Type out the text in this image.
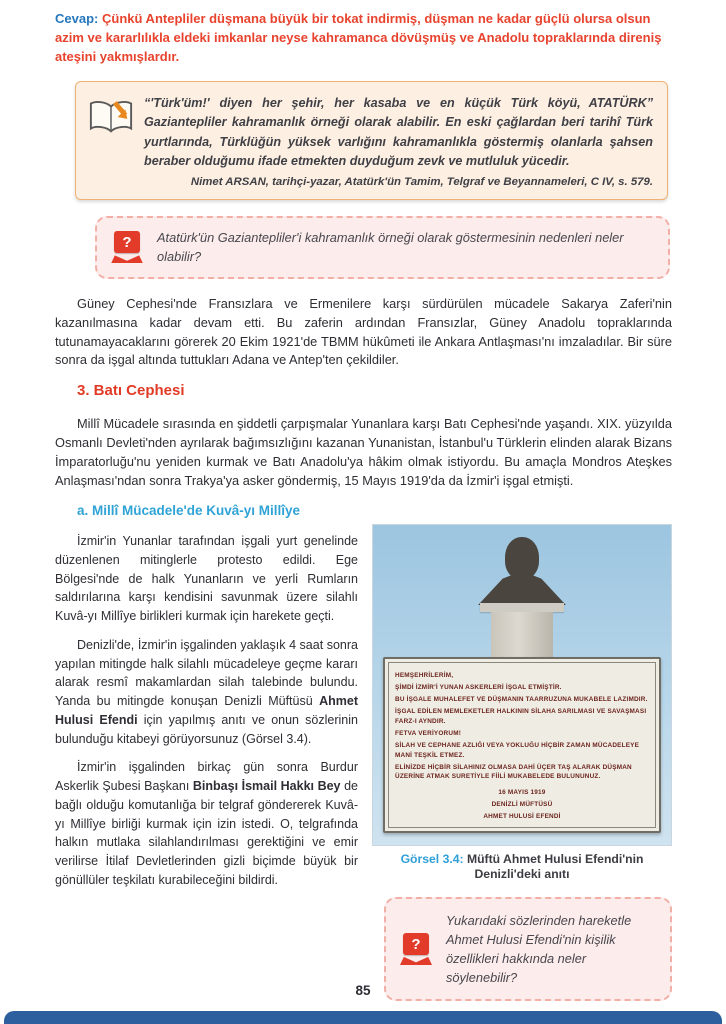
Cevap: Çünkü Antepliler düşmana büyük bir tokat indirmiş, düşman ne kadar güçlü olursa olsun azim ve kararlılıkla eldeki imkanlar neyse kahramanca dövüşmüş ve Anadolu topraklarında direniş ateşini yakmışlardır.

ATATÜRK”
“'Türk'üm!' diyen her şehir, her kasaba ve en küçük Türk köyü, Gaziantepliler kahramanlık örneği olarak alabilir. En eski çağlardan beri tarihî Türk yurtlarında, Türklüğün yüksek varlığını kahramanlıkla göstermiş olanlarla şahsen beraber olduğumu ifade etmekten duyduğum zevk ve mutluluk yücedir.
Nimet ARSAN, tarihçi-yazar, Atatürk'ün Tamim, Telgraf ve Beyannameleri, C IV, s. 579.
?	Atatürk'ün Gaziantepliler'i kahramanlık örneği olarak göstermesinin nedenleri neler olabilir?

Güney Cephesi'nde Fransızlara ve Ermenilere karşı sürdürülen mücadele Sakarya Zaferi'nin kazanılmasına kadar devam etti. Bu zaferin ardından Fransızlar, Güney Anadolu topraklarında tutunamayacaklarını görerek 20 Ekim 1921'de TBMM hükûmeti ile Ankara Antlaşması'nı imzaladılar. Bir süre sonra da işgal altında tuttukları Adana ve Antep'ten çekildiler.

3. Batı Cephesi

Millî Mücadele sırasında en şiddetli çarpışmalar Yunanlara karşı Batı Cephesi'nde yaşandı. XIX. yüzyılda Osmanlı Devleti'nden ayrılarak bağımsızlığını kazanan Yunanistan, İstanbul'u Türklerin elinden alarak Bizans İmparatorluğu'nu yeniden kurmak ve Batı Anadolu'ya hâkim olmak istiyordu. Bu amaçla Mondros Ateşkes Anlaşması'ndan sonra Trakya'ya asker göndermiş, 15 Mayıs 1919'da da İzmir'i işgal etmişti.

a. Millî Mücadele'de Kuvâ-yı Millîye

İzmir'in Yunanlar tarafından işgali yurt genelinde düzenlenen mitinglerle protesto edildi. Ege Bölgesi'nde de halk Yunanların ve yerli Rumların saldırılarına karşı kendisini savunmak üzere silahlı Kuvâ-yı Millîye birlikleri kurmak için harekete geçti.

Denizli'de, İzmir'in işgalinden yaklaşık 4 saat sonra yapılan mitingde halk silahlı mücadeleye geçme kararı alarak resmî makamlardan silah talebinde bulundu. Yanda bu mitingde konuşan Denizli Müftüsü Ahmet Hulusi Efendi için yapılmış anıtı ve onun sözlerinin bulunduğu kitabeyi görüyorsunuz (Görsel 3.4).

İzmir'in işgalinden birkaç gün sonra Burdur Askerlik Şubesi Başkanı Binbaşı İsmail Hakkı Bey de bağlı olduğu komutanlığa bir telgraf göndererek Kuvâ-yı Millîye birliği kurmak için izin istedi. O, telgrafında halkın mutlaka silahlandırılması gerektiğini ve emir verilirse İtilaf Devletlerinden gizli biçimde büyük bir gönüllüler teşkilatı kurabileceğini bildirdi.

HEMŞEHRİLERİM,
ŞİMDİ İZMİR'İ YUNAN ASKERLERİ İŞGAL ETMİŞTİR.
BU İŞGALE MUHALEFET VE DÜŞMANIN TAARRUZUNA MUKABELE LAZIMDIR.
İŞGAL EDİLEN MEMLEKETLER HALKININ SİLAHA SARILMASI VE SAVAŞMASI FARZ-I AYNDIR.
FETVA VERİYORUM!
SİLAH VE CEPHANE AZLIĞI VEYA YOKLUĞU HİÇBİR ZAMAN MÜCADELEYE MANİ TEŞKİL ETMEZ.
ELİNİZDE HİÇBİR SİLAHINIZ OLMASA DAHİ ÜÇER TAŞ ALARAK DÜŞMAN ÜZERİNE ATMAK SURETİYLE FİİLİ MUKABELEDE BULUNUNUZ.
16 MAYIS 1919
DENİZLİ MÜFTÜSÜ
AHMET HULUSİ EFENDİ
Görsel 3.4: Müftü Ahmet Hulusi Efendi'nin Denizli'deki anıtı
?

Yukarıdaki sözlerinden hareketle Ahmet Hulusi Efendi'nin kişilik özellikleri hakkında neler söylenebilir?

85
